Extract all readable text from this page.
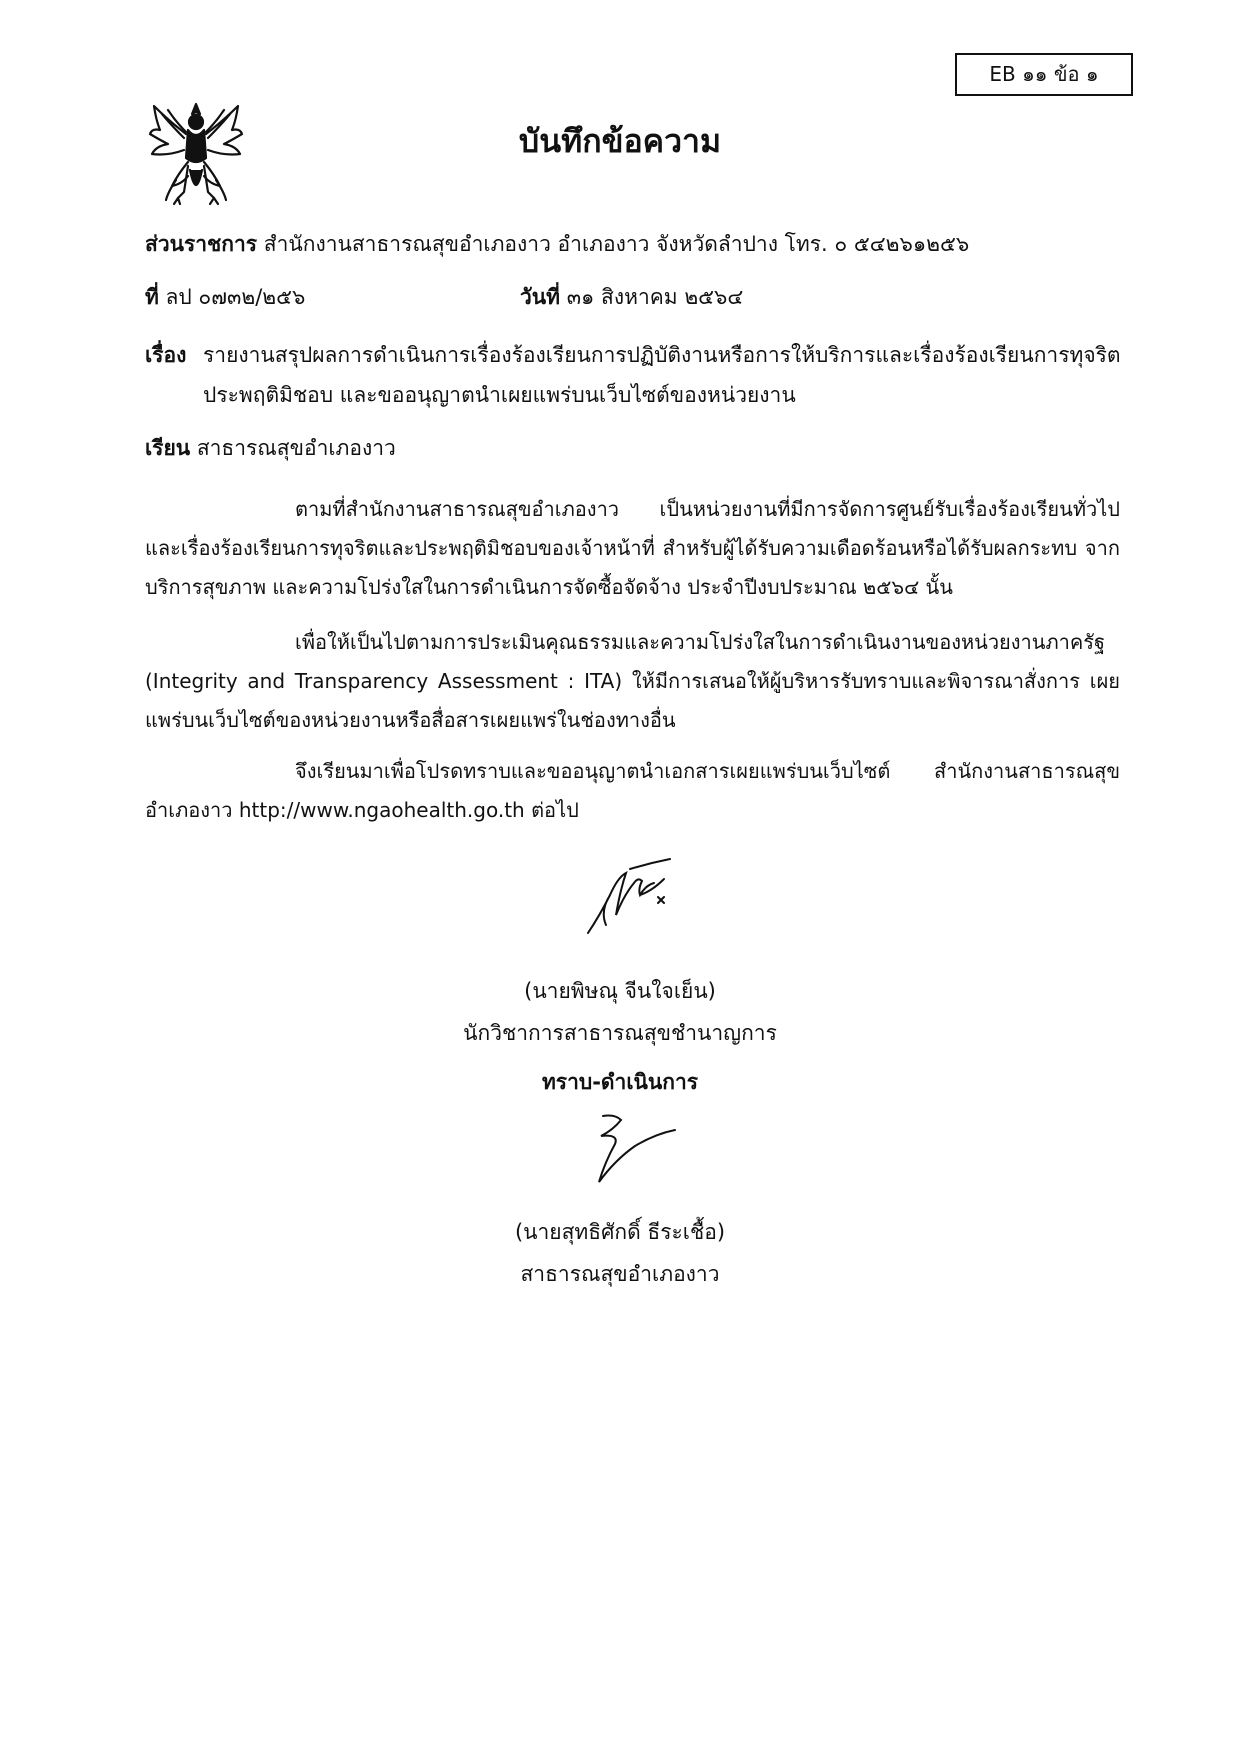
EB ๑๑ ข้อ ๑
บันทึกข้อความ
ส่วนราชการ สำนักงานสาธารณสุขอำเภองาว อำเภองาว จังหวัดลำปาง โทร. ๐ ๕๔๒๖๑๒๕๖
ที่ ลป ๐๗๓๒/๒๕๖	วันที่ ๓๑ สิงหาคม ๒๕๖๔
เรื่อง รายงานสรุปผลการดำเนินการเรื่องร้องเรียนการปฏิบัติงานหรือการให้บริการและเรื่องร้องเรียนการทุจริต ประพฤติมิชอบ และขออนุญาตนำเผยแพร่บนเว็บไซต์ของหน่วยงาน
เรียน สาธารณสุขอำเภองาว
ตามที่สำนักงานสาธารณสุขอำเภองาว เป็นหน่วยงานที่มีการจัดการศูนย์รับเรื่องร้องเรียนทั่วไป และเรื่องร้องเรียนการทุจริตและประพฤติมิชอบของเจ้าหน้าที่ สำหรับผู้ได้รับความเดือดร้อนหรือได้รับผลกระทบ จากบริการสุขภาพ และความโปร่งใสในการดำเนินการจัดซื้อจัดจ้าง ประจำปีงบประมาณ ๒๕๖๔ นั้น
เพื่อให้เป็นไปตามการประเมินคุณธรรมและความโปร่งใสในการดำเนินงานของหน่วยงานภาครัฐ (Integrity and Transparency Assessment : ITA) ให้มีการเสนอให้ผู้บริหารรับทราบและพิจารณาสั่งการ เผยแพร่บนเว็บไซต์ของหน่วยงานหรือสื่อสารเผยแพร่ในช่องทางอื่น
จึงเรียนมาเพื่อโปรดทราบและขออนุญาตนำเอกสารเผยแพร่บนเว็บไซต์ สำนักงานสาธารณสุข อำเภองาว http://www.ngaohealth.go.th ต่อไป
(นายพิษณุ จีนใจเย็น)
นักวิชาการสาธารณสุขชำนาญการ
ทราบ-ดำเนินการ
(นายสุทธิศักดิ์ ธีระเชื้อ)
สาธารณสุขอำเภองาว
